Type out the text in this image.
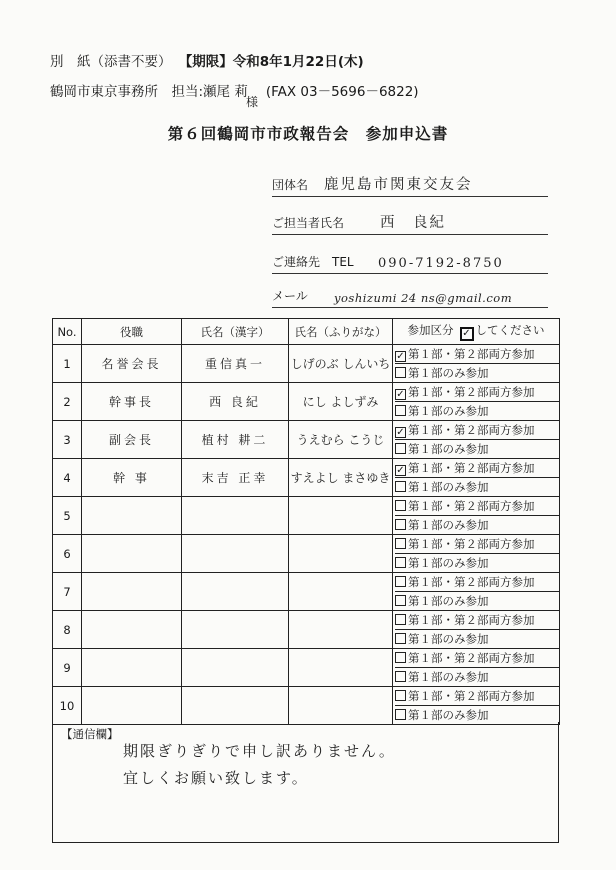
別　紙（添書不要） 【期限】令和8年1月22日(木)
鶴岡市東京事務所　担当:瀬尾 莉 (FAX 03－5696－6822)
様
第６回鶴岡市市政報告会　参加申込書
団体名 鹿児島市関東交友会
ご担当者氏名 西　良紀
ご連絡先　TEL 090-7192-8750
メール yoshizumi 24 ns@gmail.com
No.	役職	氏名（漢字）	氏名（ふりがな）	参加区分 ✓ してください
1	名誉会長	重信真一	しげのぶ しんいち	✓ 第１部・第２部両方参加
第１部のみ参加

2	幹事長	西 良紀	にし よしずみ	✓ 第１部・第２部両方参加
第１部のみ参加

3	副会長	植村 耕二	うえむら こうじ	✓ 第１部・第２部両方参加
第１部のみ参加

4	幹 事	末吉 正幸	すえよし まさゆき	✓ 第１部・第２部両方参加
第１部のみ参加

5				第１部・第２部両方参加
第１部のみ参加

6				第１部・第２部両方参加
第１部のみ参加

7				第１部・第２部両方参加
第１部のみ参加

8				第１部・第２部両方参加
第１部のみ参加

9				第１部・第２部両方参加
第１部のみ参加

10				第１部・第２部両方参加
第１部のみ参加
【通信欄】
期限ぎりぎりで申し訳ありません。
宜しくお願い致します。
